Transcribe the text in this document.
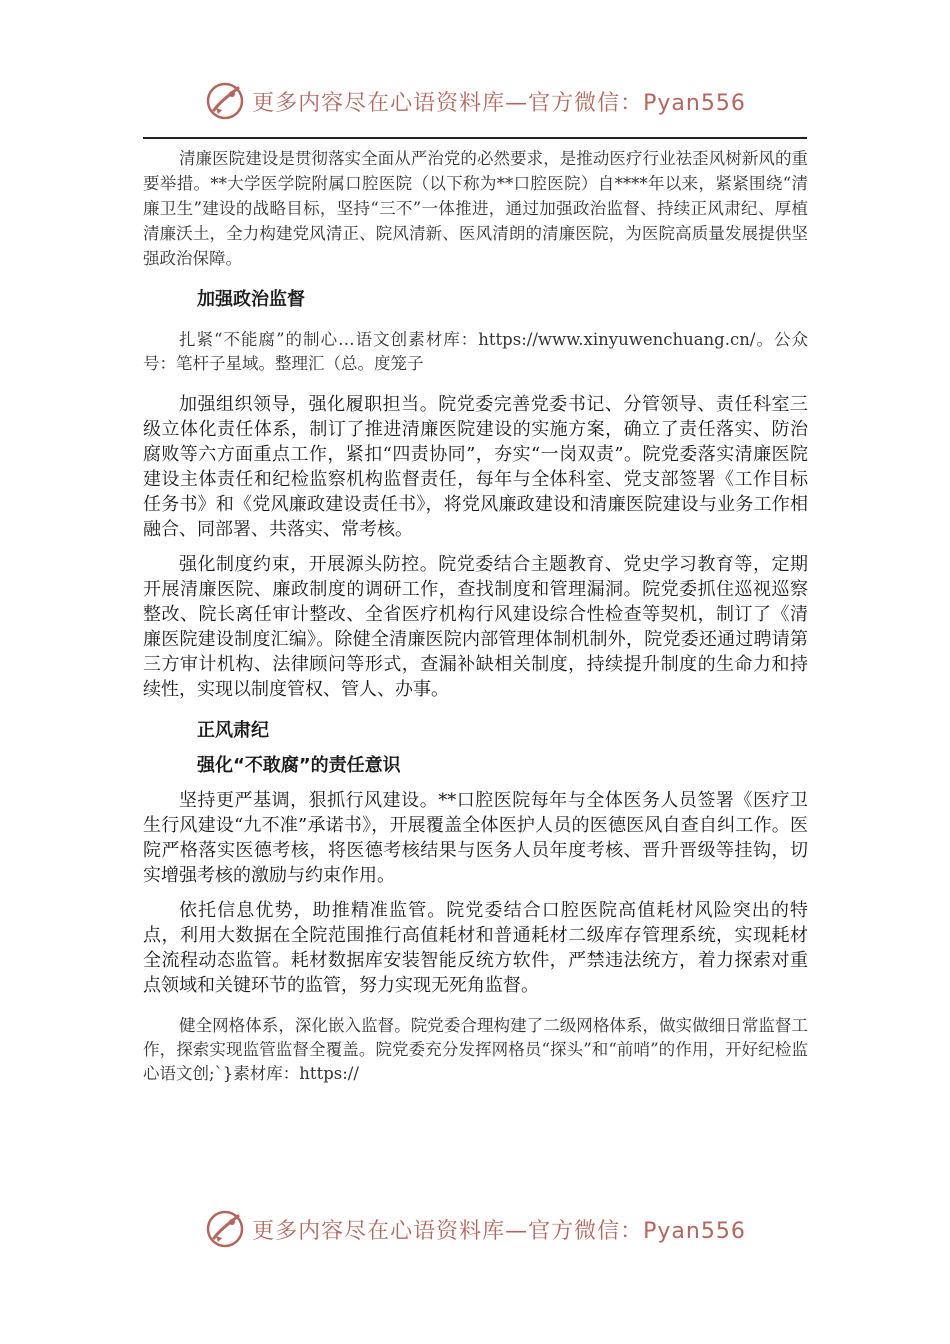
更多内容尽在心语资料库—官方微信：Pyan556

清廉医院建设是贯彻落实全面从严治党的必然要求，是推动医疗行业祛歪风树新风的重要举措。**大学医学院附属口腔医院（以下称为**口腔医院）自****年以来，紧紧围绕“清廉卫生”建设的战略目标，坚持“三不”一体推进，通过加强政治监督、持续正风肃纪、厚植清廉沃土，全力构建党风清正、院风清新、医风清朗的清廉医院，为医院高质量发展提供坚强政治保障。

加强政治监督

扎紧“不能腐”的制心…语文创素材库：https://www.xinyuwenchuang.cn/。公众号：笔杆子星域。整理汇（总。度笼子

加强组织领导，强化履职担当。院党委完善党委书记、分管领导、责任科室三级立体化责任体系，制订了推进清廉医院建设的实施方案，确立了责任落实、防治腐败等六方面重点工作，紧扣“四责协同”，夯实“一岗双责”。院党委落实清廉医院建设主体责任和纪检监察机构监督责任，每年与全体科室、党支部签署《工作目标任务书》和《党风廉政建设责任书》，将党风廉政建设和清廉医院建设与业务工作相融合、同部署、共落实、常考核。

强化制度约束，开展源头防控。院党委结合主题教育、党史学习教育等，定期开展清廉医院、廉政制度的调研工作，查找制度和管理漏洞。院党委抓住巡视巡察整改、院长离任审计整改、全省医疗机构行风建设综合性检查等契机，制订了《清廉医院建设制度汇编》。除健全清廉医院内部管理体制机制外，院党委还通过聘请第三方审计机构、法律顾问等形式，查漏补缺相关制度，持续提升制度的生命力和持续性，实现以制度管权、管人、办事。

正风肃纪
强化“不敢腐”的责任意识

坚持更严基调，狠抓行风建设。**口腔医院每年与全体医务人员签署《医疗卫生行风建设“九不准”承诺书》，开展覆盖全体医护人员的医德医风自查自纠工作。医院严格落实医德考核，将医德考核结果与医务人员年度考核、晋升晋级等挂钩，切实增强考核的激励与约束作用。

依托信息优势，助推精准监管。院党委结合口腔医院高值耗材风险突出的特点，利用大数据在全院范围推行高值耗材和普通耗材二级库存管理系统，实现耗材全流程动态监管。耗材数据库安装智能反统方软件，严禁违法统方，着力探索对重点领域和关键环节的监管，努力实现无死角监督。

健全网格体系，深化嵌入监督。院党委合理构建了二级网格体系，做实做细日常监督工作，探索实现监管监督全覆盖。院党委充分发挥网格员“探头”和“前哨”的作用，开好纪检监心语文创;`}素材库：https://

更多内容尽在心语资料库—官方微信：Pyan556
